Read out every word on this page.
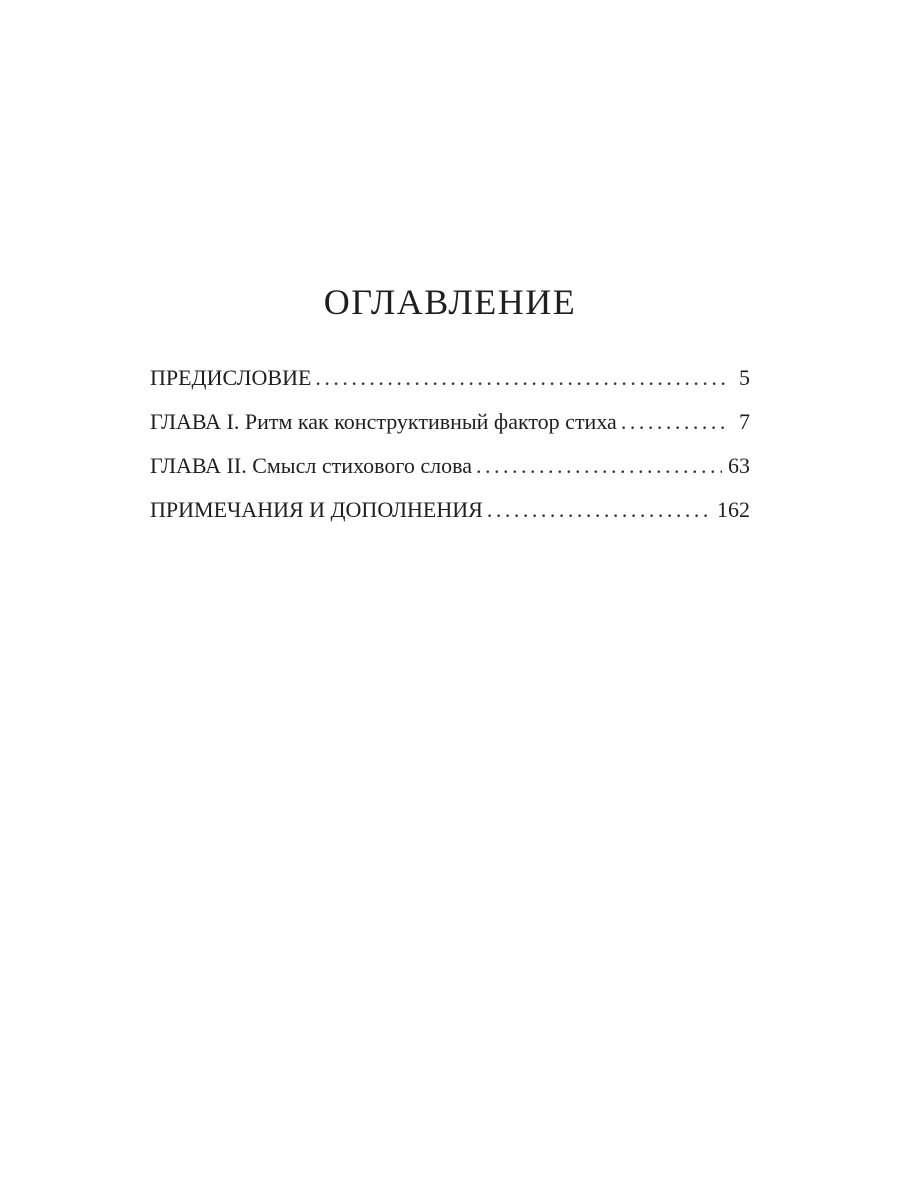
ОГЛАВЛЕНИЕ
ПРЕДИСЛОВИЕ . . .	5
ГЛАВА I. Ритм как конструктивный фактор стиха . . .	7
ГЛАВА II. Смысл стихового слова . . .	63
ПРИМЕЧАНИЯ И ДОПОЛНЕНИЯ . . .	162
